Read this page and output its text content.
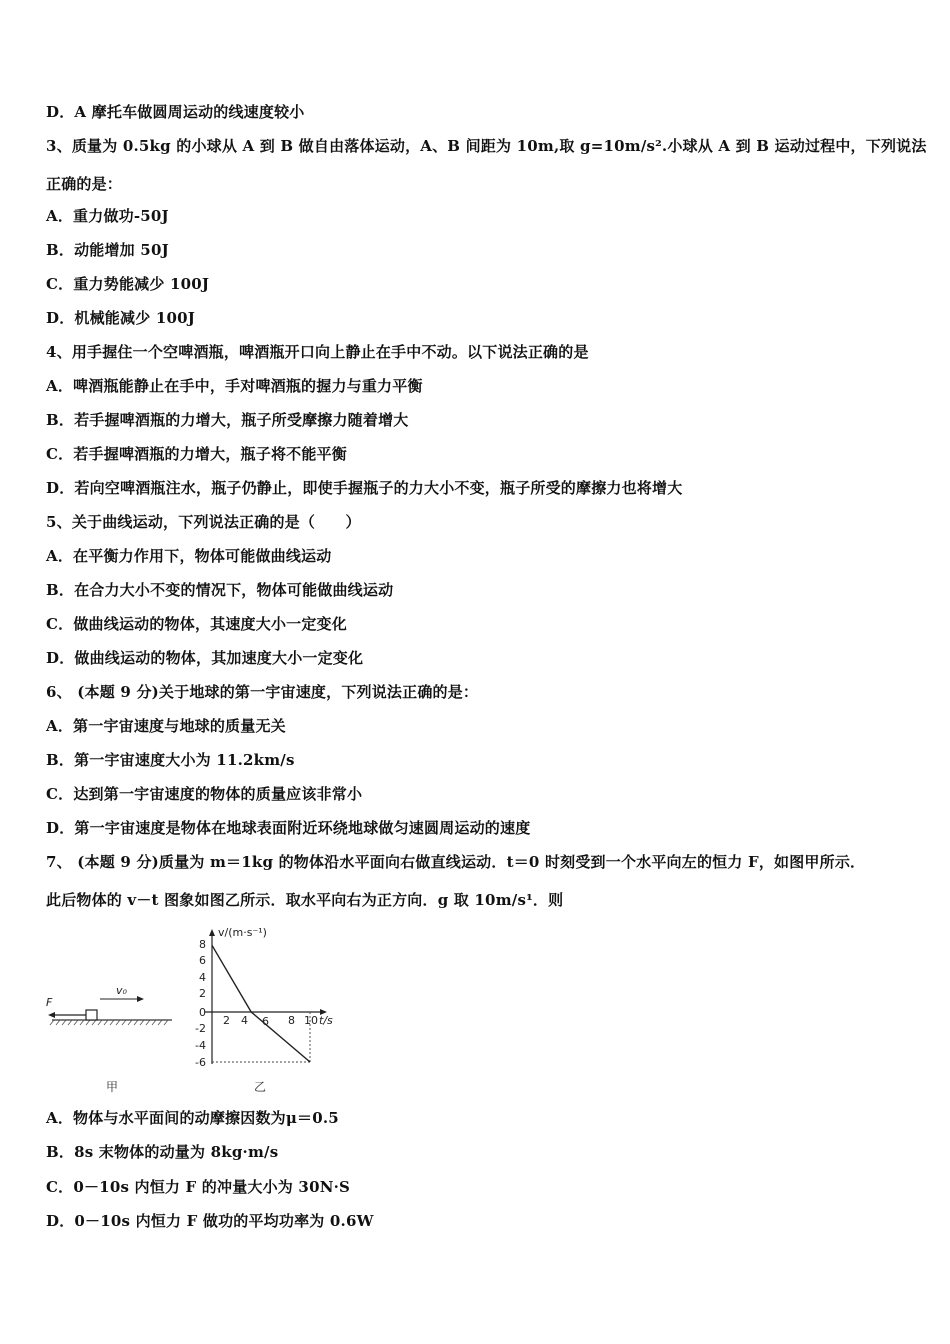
D．A 摩托车做圆周运动的线速度较小
3、质量为 0.5kg 的小球从 A 到 B 做自由落体运动，A、B 间距为 10m,取 g=10m/s².小球从 A 到 B 运动过程中，下列说法
正确的是：
A．重力做功-50J
B．动能增加 50J
C．重力势能减少 100J
D．机械能减少 100J
4、用手握住一个空啤酒瓶，啤酒瓶开口向上静止在手中不动。以下说法正确的是
A．啤酒瓶能静止在手中，手对啤酒瓶的握力与重力平衡
B．若手握啤酒瓶的力增大，瓶子所受摩擦力随着增大
C．若手握啤酒瓶的力增大，瓶子将不能平衡
D．若向空啤酒瓶注水，瓶子仍静止，即使手握瓶子的力大小不变，瓶子所受的摩擦力也将增大
5、关于曲线运动，下列说法正确的是（　　）
A．在平衡力作用下，物体可能做曲线运动
B．在合力大小不变的情况下，物体可能做曲线运动
C．做曲线运动的物体，其速度大小一定变化
D．做曲线运动的物体，其加速度大小一定变化
6、 (本题 9 分)关于地球的第一宇宙速度，下列说法正确的是：
A．第一宇宙速度与地球的质量无关
B．第一宇宙速度大小为 11.2km/s
C．达到第一宇宙速度的物体的质量应该非常小
D．第一宇宙速度是物体在地球表面附近环绕地球做匀速圆周运动的速度
7、 (本题 9 分)质量为 m＝1kg 的物体沿水平面向右做直线运动．t＝0 时刻受到一个水平向左的恒力 F，如图甲所示．
此后物体的 v－t 图象如图乙所示．取水平向右为正方向．g 取 10m/s¹．则
F
v₀
甲
v/(m·s⁻¹)
t/s
8
6
4
2
0
-2
-4
-6
2 4 6 8 10
乙
A．物体与水平面间的动摩擦因数为μ＝0.5
B．8s 末物体的动量为 8kg·m/s
C．0－10s 内恒力 F 的冲量大小为 30N·S
D．0－10s 内恒力 F 做功的平均功率为 0.6W
